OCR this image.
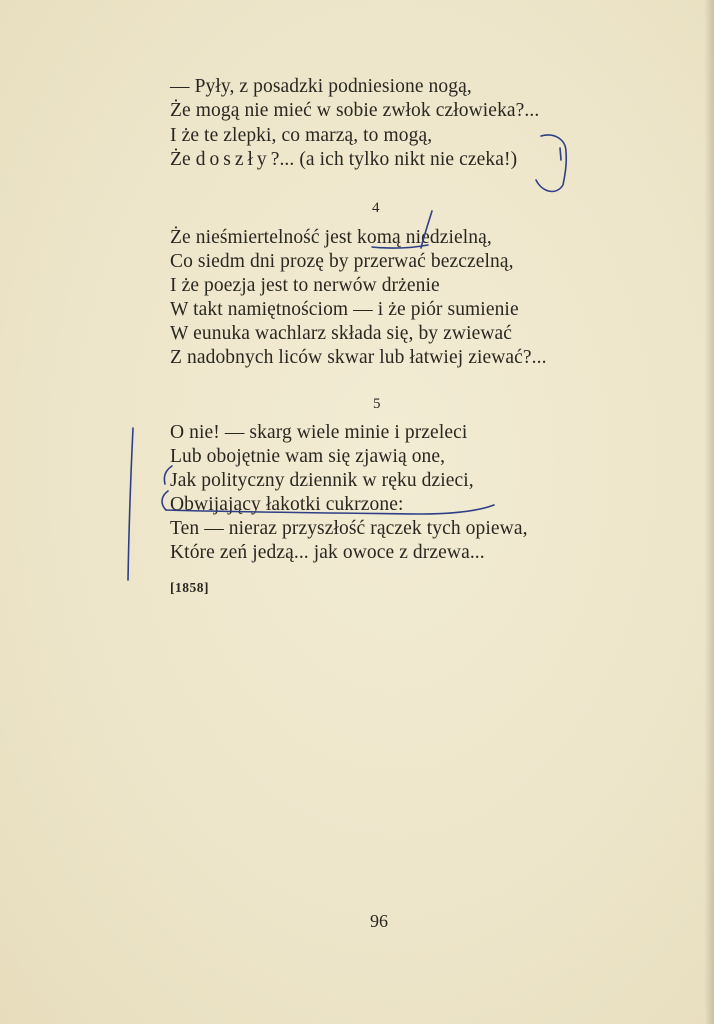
— Pyły, z posadzki podniesione nogą,
Że mogą nie mieć w sobie zwłok człowieka?...
I że te zlepki, co marzą, to mogą,
Że doszły?... (a ich tylko nikt nie czeka!)
4
Że nieśmiertelność jest komą niedzielną,
Co siedm dni prozę by przerwać bezczelną,
I że poezja jest to nerwów drżenie
W takt namiętnościom — i że piór sumienie
W eunuka wachlarz składa się, by zwiewać
Z nadobnych liców skwar lub łatwiej ziewać?...
5
O nie! — skarg wiele minie i przeleci
Lub obojętnie wam się zjawią one,
Jak polityczny dziennik w ręku dzieci,
Obwijający łakotki cukrzone:
Ten — nieraz przyszłość rączek tych opiewa,
Które zeń jedzą... jak owoce z drzewa...
[1858]
96
